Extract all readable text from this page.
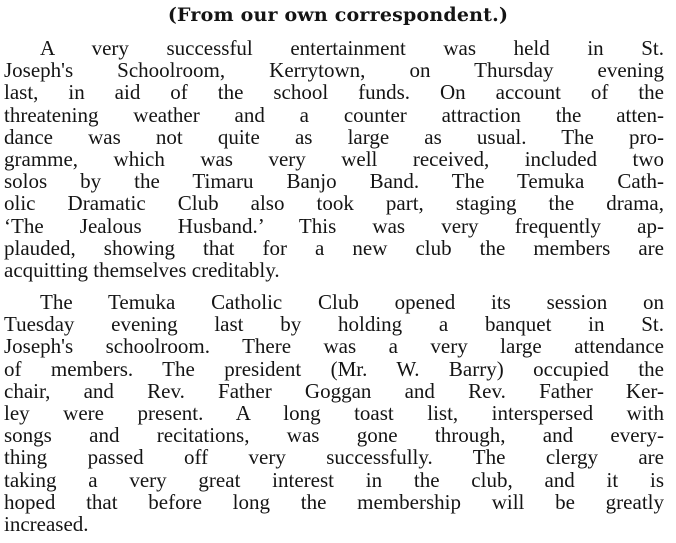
(From our own correspondent.)
A very successful entertainment was held in St.
Joseph's Schoolroom, Kerrytown, on Thursday evening
last, in aid of the school funds. On account of the
threatening weather and a counter attraction the atten-
dance was not quite as large as usual. The pro-
gramme, which was very well received, included two
solos by the Timaru Banjo Band. The Temuka Cath-
olic Dramatic Club also took part, staging the drama,
‘The Jealous Husband.’ This was very frequently ap-
plauded, showing that for a new club the members are
acquitting themselves creditably.
The Temuka Catholic Club opened its session on
Tuesday evening last by holding a banquet in St.
Joseph's schoolroom. There was a very large attendance
of members. The president (Mr. W. Barry) occupied the
chair, and Rev. Father Goggan and Rev. Father Ker-
ley were present. A long toast list, interspersed with
songs and recitations, was gone through, and every-
thing passed off very successfully. The clergy are
taking a very great interest in the club, and it is
hoped that before long the membership will be greatly
increased.
